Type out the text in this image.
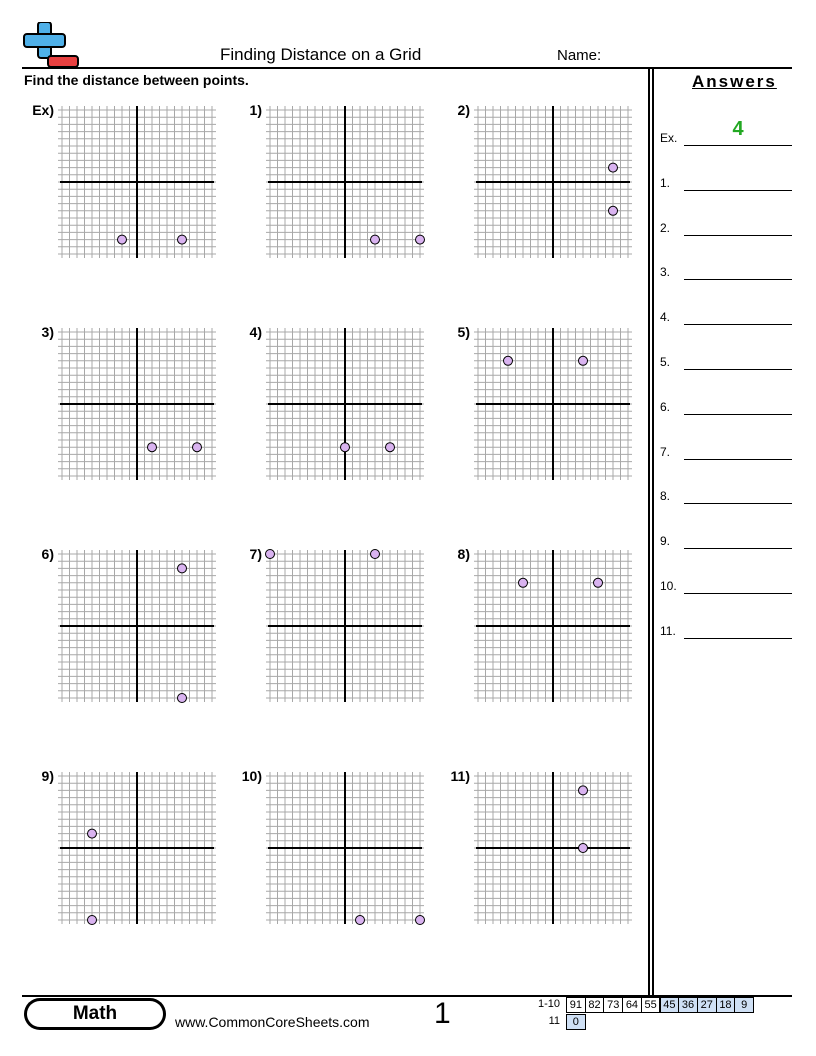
Finding Distance on a Grid	Name:
Find the distance between points.	Answers
Ex.	4
1.
2.
3.
4.
5.
6.
7.
8.
9.
10.
11.
Ex)	1)	2)
3)	4)	5)
6)	7)	8)
9)	10)	11)
Math	www.CommonCoreSheets.com 1	1-10 91 82 73 64 55 45 36 27 18 9
11	0
